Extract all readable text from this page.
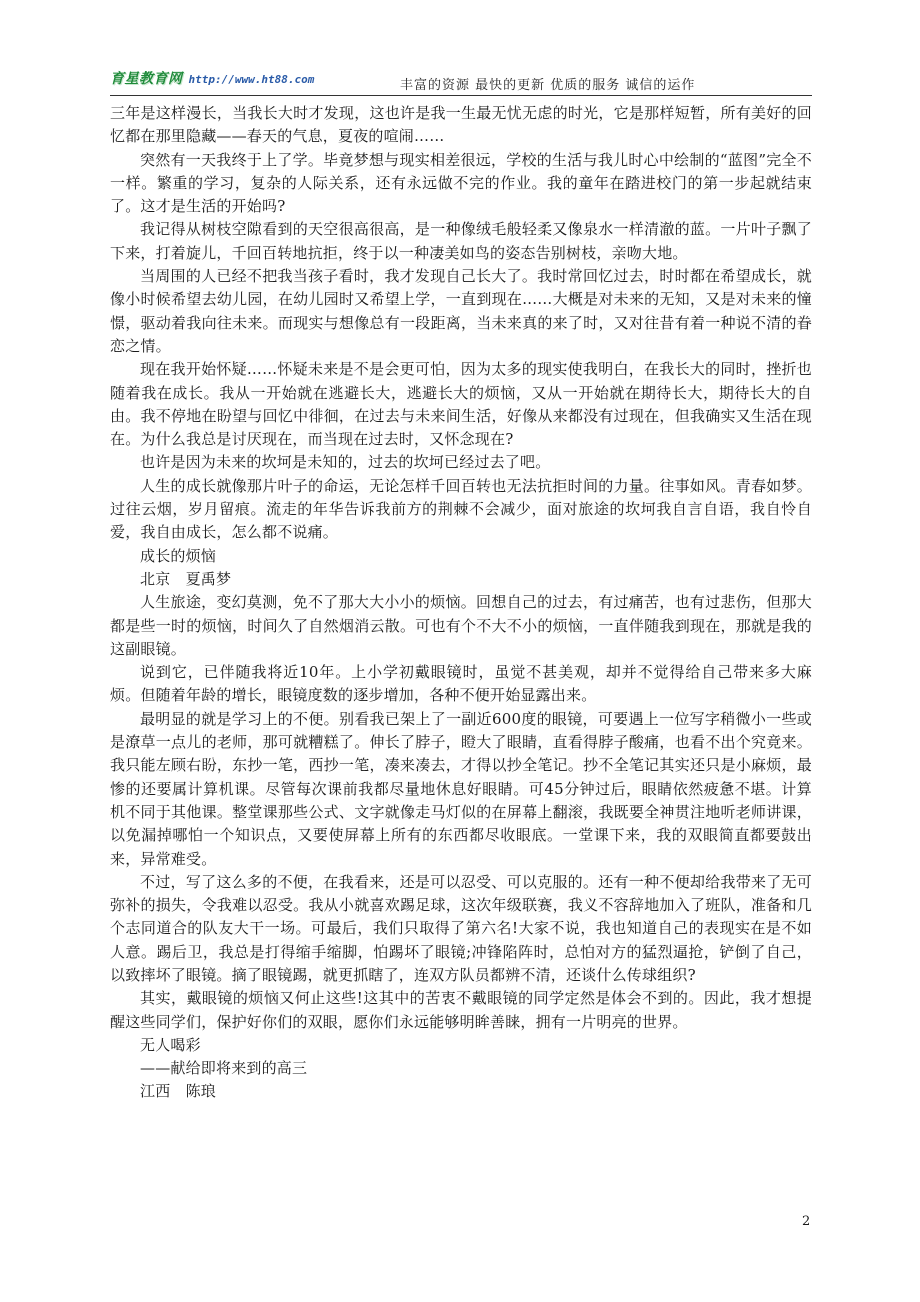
育星教育网 http://www.ht88.com	丰富的资源 最快的更新 优质的服务 诚信的运作

三年是这样漫长，当我长大时才发现，这也许是我一生最无忧无虑的时光，它是那样短暂，所有美好的回忆都在那里隐藏——春天的气息，夏夜的喧闹……

突然有一天我终于上了学。毕竟梦想与现实相差很远，学校的生活与我儿时心中绘制的“蓝图”完全不一样。繁重的学习，复杂的人际关系，还有永远做不完的作业。我的童年在踏进校门的第一步起就结束了。这才是生活的开始吗?

我记得从树枝空隙看到的天空很高很高，是一种像绒毛般轻柔又像泉水一样清澈的蓝。一片叶子飘了下来，打着旋儿，千回百转地抗拒，终于以一种凄美如鸟的姿态告别树枝，亲吻大地。

当周围的人已经不把我当孩子看时，我才发现自己长大了。我时常回忆过去，时时都在希望成长，就像小时候希望去幼儿园，在幼儿园时又希望上学，一直到现在……大概是对未来的无知，又是对未来的憧憬，驱动着我向往未来。而现实与想像总有一段距离，当未来真的来了时，又对往昔有着一种说不清的眷恋之情。

现在我开始怀疑……怀疑未来是不是会更可怕，因为太多的现实使我明白，在我长大的同时，挫折也随着我在成长。我从一开始就在逃避长大，逃避长大的烦恼，又从一开始就在期待长大，期待长大的自由。我不停地在盼望与回忆中徘徊，在过去与未来间生活，好像从来都没有过现在，但我确实又生活在现在。为什么我总是讨厌现在，而当现在过去时，又怀念现在?

也许是因为未来的坎坷是未知的，过去的坎坷已经过去了吧。

人生的成长就像那片叶子的命运，无论怎样千回百转也无法抗拒时间的力量。往事如风。青春如梦。过往云烟，岁月留痕。流走的年华告诉我前方的荆棘不会减少，面对旅途的坎坷我自言自语，我自怜自爱，我自由成长，怎么都不说痛。

成长的烦恼

北京　夏禹梦

人生旅途，变幻莫测，免不了那大大小小的烦恼。回想自己的过去，有过痛苦，也有过悲伤，但那大都是些一时的烦恼，时间久了自然烟消云散。可也有个不大不小的烦恼，一直伴随我到现在，那就是我的这副眼镜。

说到它，已伴随我将近10年。上小学初戴眼镜时，虽觉不甚美观，却并不觉得给自己带来多大麻烦。但随着年龄的增长，眼镜度数的逐步增加，各种不便开始显露出来。

最明显的就是学习上的不便。别看我已架上了一副近600度的眼镜，可要遇上一位写字稍微小一些或是潦草一点儿的老师，那可就糟糕了。伸长了脖子，瞪大了眼睛，直看得脖子酸痛，也看不出个究竟来。我只能左顾右盼，东抄一笔，西抄一笔，凑来凑去，才得以抄全笔记。抄不全笔记其实还只是小麻烦，最惨的还要属计算机课。尽管每次课前我都尽量地休息好眼睛。可45分钟过后，眼睛依然疲惫不堪。计算机不同于其他课。整堂课那些公式、文字就像走马灯似的在屏幕上翻滚，我既要全神贯注地听老师讲课，以免漏掉哪怕一个知识点，又要使屏幕上所有的东西都尽收眼底。一堂课下来，我的双眼简直都要鼓出来，异常难受。

不过，写了这么多的不便，在我看来，还是可以忍受、可以克服的。还有一种不便却给我带来了无可弥补的损失，令我难以忍受。我从小就喜欢踢足球，这次年级联赛，我义不容辞地加入了班队，准备和几个志同道合的队友大干一场。可最后，我们只取得了第六名!大家不说，我也知道自己的表现实在是不如人意。踢后卫，我总是打得缩手缩脚，怕踢坏了眼镜;冲锋陷阵时，总怕对方的猛烈逼抢，铲倒了自己，以致摔坏了眼镜。摘了眼镜踢，就更抓瞎了，连双方队员都辨不清，还谈什么传球组织?

其实，戴眼镜的烦恼又何止这些!这其中的苦衷不戴眼镜的同学定然是体会不到的。因此，我才想提醒这些同学们，保护好你们的双眼，愿你们永远能够明眸善睐，拥有一片明亮的世界。

无人喝彩

——献给即将来到的高三

江西　陈琅

2
